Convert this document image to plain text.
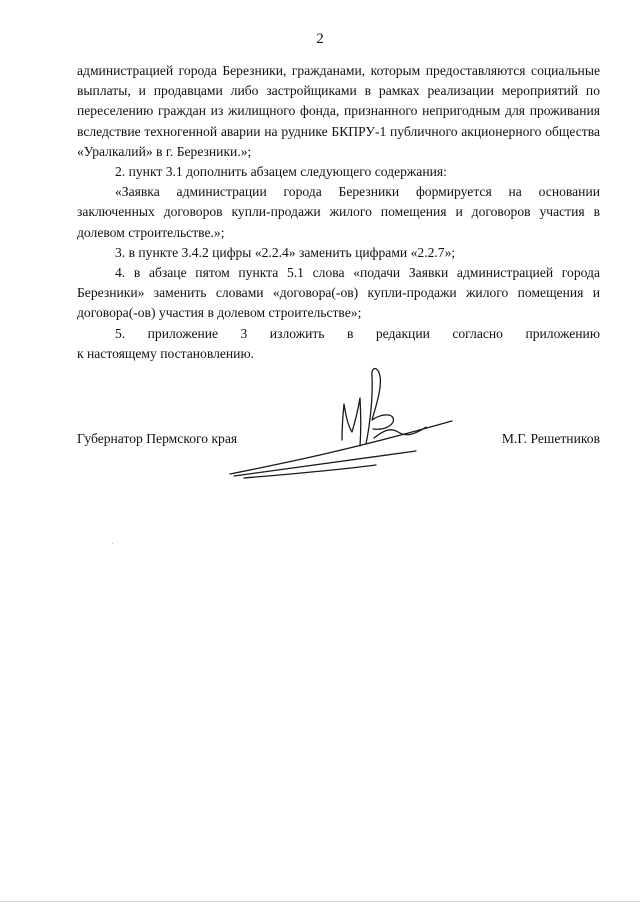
2

администрацией города Березники, гражданами, которым предоставляются социальные выплаты, и продавцами либо застройщиками в рамках реализации мероприятий по переселению граждан из жилищного фонда, признанного непригодным для проживания вследствие техногенной аварии на руднике БКПРУ-1 публичного акционерного общества «Уралкалий» в г. Березники.»;

2. пункт 3.1 дополнить абзацем следующего содержания:

«Заявка администрации города Березники формируется на основании заключенных договоров купли-продажи жилого помещения и договоров участия в долевом строительстве.»;

3. в пункте 3.4.2 цифры «2.2.4» заменить цифрами «2.2.7»;

4. в абзаце пятом пункта 5.1 слова «подачи Заявки администрацией города Березники» заменить словами «договора(-ов) купли-продажи жилого помещения и договора(-ов) участия в долевом строительстве»;

5. приложение 3 изложить в редакции согласно приложению

к настоящему постановлению.

Губернатор Пермского края	М.Г. Решетников
